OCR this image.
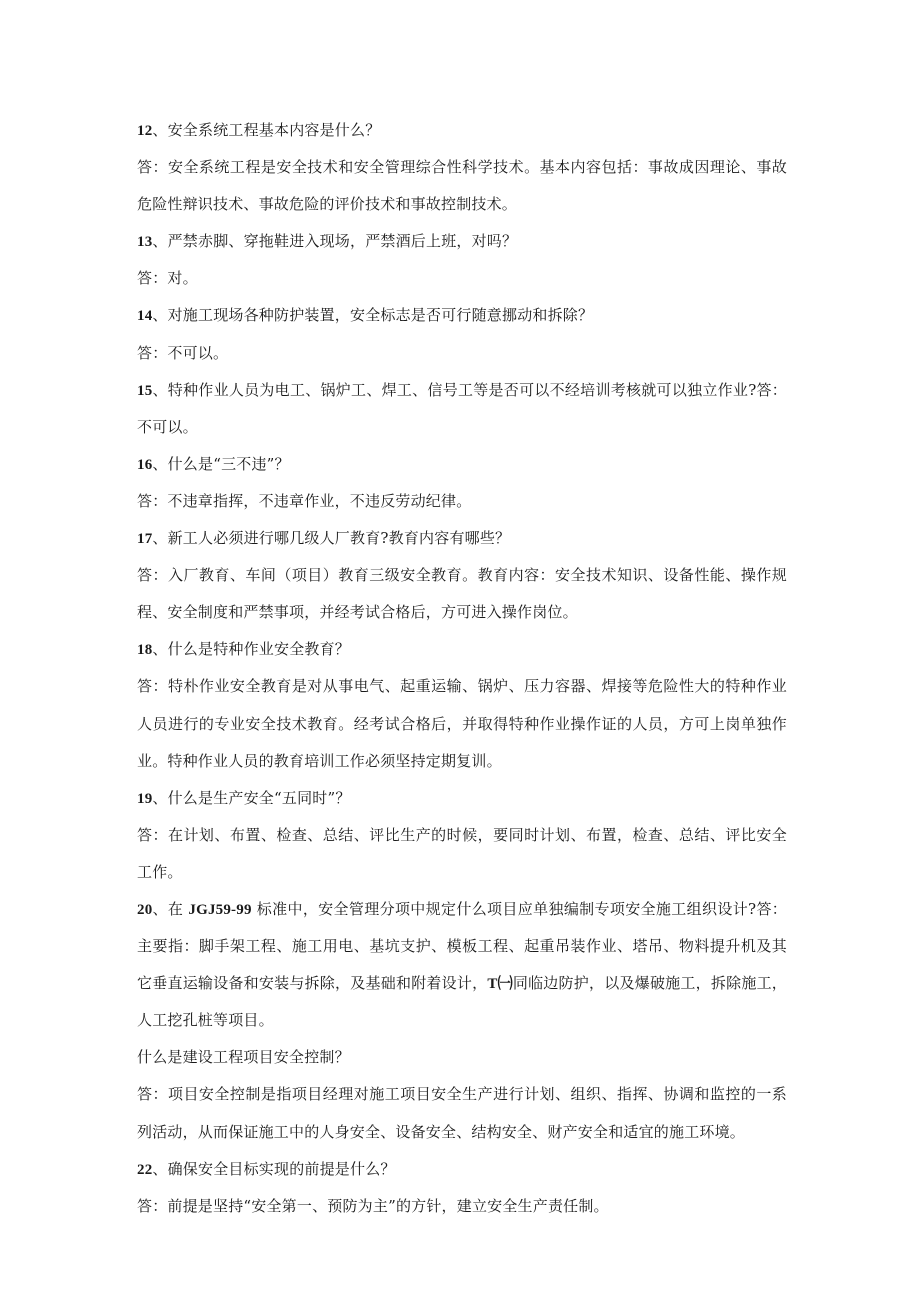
12、安全系统工程基本内容是什么？
答：安全系统工程是安全技术和安全管理综合性科学技术。基本内容包括：事故成因理论、事故
危险性辩识技术、事故危险的评价技术和事故控制技术。
13、严禁赤脚、穿拖鞋进入现场，严禁酒后上班，对吗？
答：对。
14、对施工现场各种防护装置，安全标志是否可行随意挪动和拆除？
答：不可以。
15、特种作业人员为电工、锅炉工、焊工、信号工等是否可以不经培训考核就可以独立作业?答：
不可以。
16、什么是“三不违”？
答：不违章指挥，不违章作业，不违反劳动纪律。
17、新工人必须进行哪几级人厂教育?教育内容有哪些？
答：入厂教育、车间（项目）教育三级安全教育。教育内容：安全技术知识、设备性能、操作规
程、安全制度和严禁事项，并经考试合格后，方可进入操作岗位。
18、什么是特种作业安全教育？
答：特朴作业安全教育是对从事电气、起重运输、锅炉、压力容器、焊接等危险性大的特种作业
人员进行的专业安全技术教育。经考试合格后，并取得特种作业操作证的人员，方可上岗单独作
业。特种作业人员的教育培训工作必须坚持定期复训。
19、什么是生产安全“五同时”？
答：在计划、布置、检查、总结、评比生产的时候，要同时计划、布置，检查、总结、评比安全
工作。
20、在 JGJ59-99 标准中，安全管理分项中规定什么项目应单独编制专项安全施工组织设计?答：
主要指：脚手架工程、施工用电、基坑支护、模板工程、起重吊装作业、塔吊、物料提升机及其
它垂直运输设备和安装与拆除，及基础和附着设计，T㈠同临边防护，以及爆破施工，拆除施工，
人工挖孔桩等项目。
什么是建设工程项目安全控制？
答：项目安全控制是指项目经理对施工项目安全生产进行计划、组织、指挥、协调和监控的一系
列活动，从而保证施工中的人身安全、设备安全、结构安全、财产安全和适宜的施工环境。
22、确保安全目标实现的前提是什么？
答：前提是坚持“安全第一、预防为主”的方针，建立安全生产责任制。
